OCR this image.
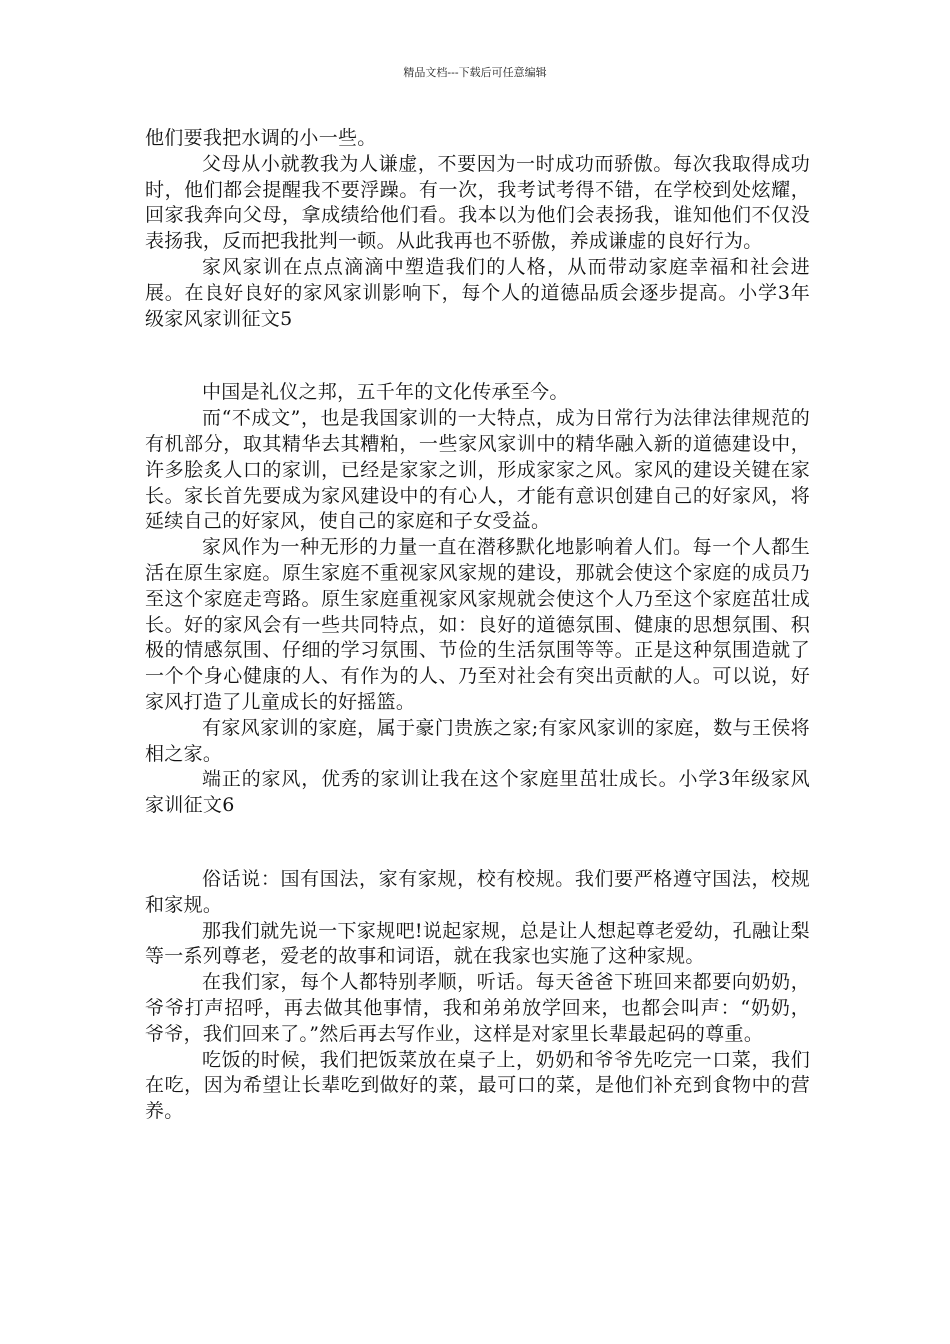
精品文档---下载后可任意编辑

他们要我把水调的小一些。

父母从小就教我为人谦虚，不要因为一时成功而骄傲。每次我取得成功时，他们都会提醒我不要浮躁。有一次，我考试考得不错，在学校到处炫耀，回家我奔向父母，拿成绩给他们看。我本以为他们会表扬我，谁知他们不仅没表扬我，反而把我批判一顿。从此我再也不骄傲，养成谦虚的良好行为。

家风家训在点点滴滴中塑造我们的人格，从而带动家庭幸福和社会进展。在良好良好的家风家训影响下，每个人的道德品质会逐步提高。小学3年级家风家训征文5

中国是礼仪之邦，五千年的文化传承至今。

而“不成文”，也是我国家训的一大特点，成为日常行为法律法律规范的有机部分，取其精华去其糟粕，一些家风家训中的精华融入新的道德建设中，许多脍炙人口的家训，已经是家家之训，形成家家之风。家风的建设关键在家长。家长首先要成为家风建设中的有心人，才能有意识创建自己的好家风，将延续自己的好家风，使自己的家庭和子女受益。

家风作为一种无形的力量一直在潜移默化地影响着人们。每一个人都生活在原生家庭。原生家庭不重视家风家规的建设，那就会使这个家庭的成员乃至这个家庭走弯路。原生家庭重视家风家规就会使这个人乃至这个家庭茁壮成长。好的家风会有一些共同特点，如：良好的道德氛围、健康的思想氛围、积极的情感氛围、仔细的学习氛围、节俭的生活氛围等等。正是这种氛围造就了一个个身心健康的人、有作为的人、乃至对社会有突出贡献的人。可以说，好家风打造了儿童成长的好摇篮。

有家风家训的家庭，属于豪门贵族之家;有家风家训的家庭，数与王侯将相之家。

端正的家风，优秀的家训让我在这个家庭里茁壮成长。小学3年级家风家训征文6

俗话说：国有国法，家有家规，校有校规。我们要严格遵守国法，校规和家规。

那我们就先说一下家规吧!说起家规，总是让人想起尊老爱幼，孔融让梨等一系列尊老，爱老的故事和词语，就在我家也实施了这种家规。

在我们家，每个人都特别孝顺，听话。每天爸爸下班回来都要向奶奶，爷爷打声招呼，再去做其他事情，我和弟弟放学回来，也都会叫声：“奶奶，爷爷，我们回来了。”然后再去写作业，这样是对家里长辈最起码的尊重。

吃饭的时候，我们把饭菜放在桌子上，奶奶和爷爷先吃完一口菜，我们在吃，因为希望让长辈吃到做好的菜，最可口的菜，是他们补充到食物中的营养。
